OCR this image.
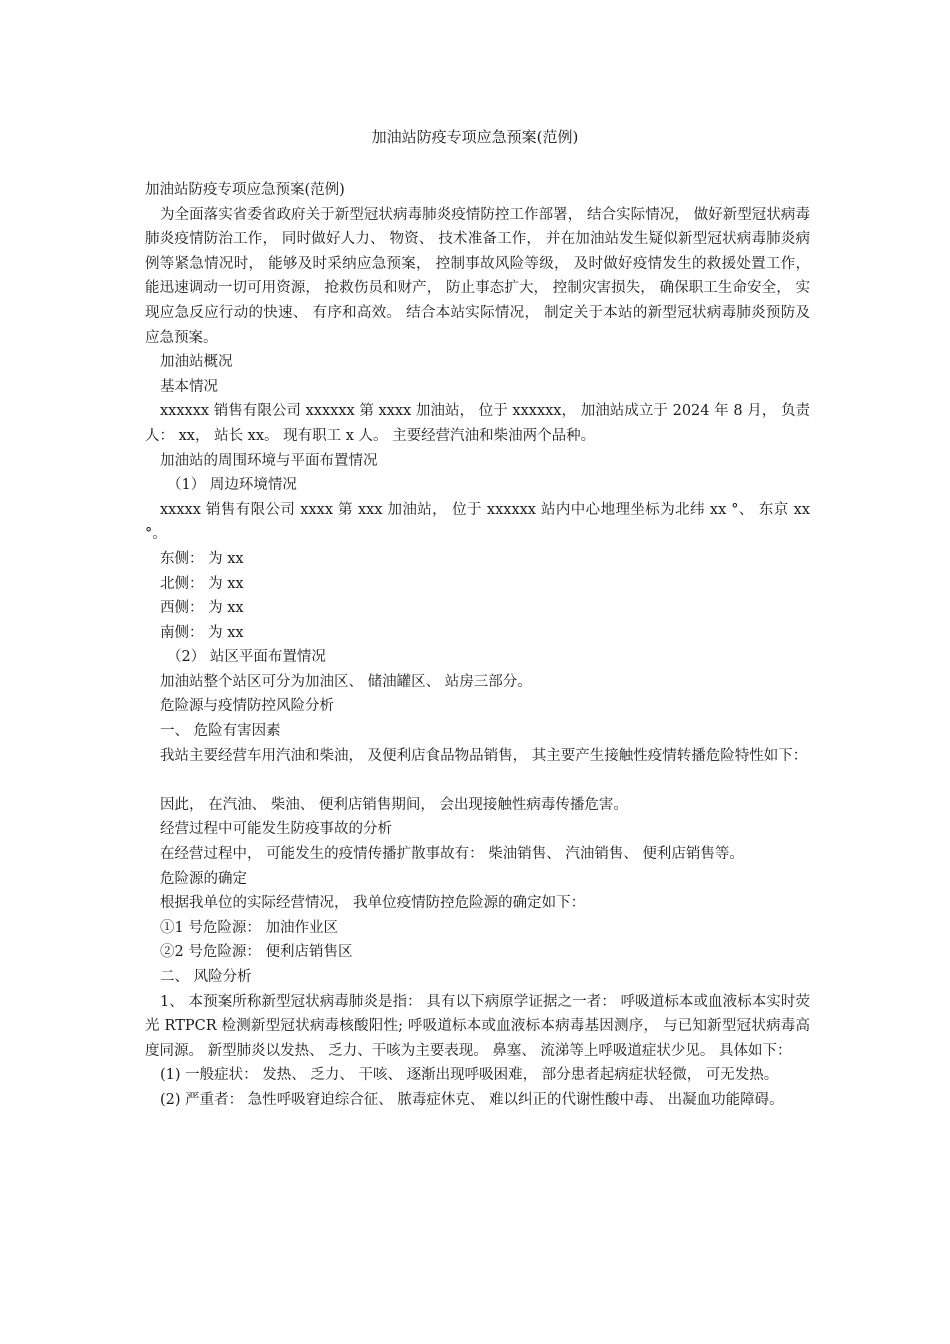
加油站防疫专项应急预案(范例)

加油站防疫专项应急预案(范例)

为全面落实省委省政府关于新型冠状病毒肺炎疫情防控工作部署， 结合实际情况， 做好新型冠状病毒肺炎疫情防治工作， 同时做好人力、 物资、 技术准备工作， 并在加油站发生疑似新型冠状病毒肺炎病例等紧急情况时， 能够及时采纳应急预案， 控制事故风险等级， 及时做好疫情发生的救援处置工作， 能迅速调动一切可用资源， 抢救伤员和财产， 防止事态扩大， 控制灾害损失， 确保职工生命安全， 实现应急反应行动的快速、 有序和高效。 结合本站实际情况， 制定关于本站的新型冠状病毒肺炎预防及应急预案。

加油站概况

基本情况

xxxxxx 销售有限公司 xxxxxx 第 xxxx 加油站， 位于 xxxxxx， 加油站成立于 2024 年 8 月， 负责人： xx， 站长 xx。 现有职工 x 人。 主要经营汽油和柴油两个品种。

加油站的周围环境与平面布置情况

（1） 周边环境情况

xxxxx 销售有限公司 xxxx 第 xxx 加油站， 位于 xxxxxx 站内中心地理坐标为北纬 xx °、 东京 xx °。

东侧： 为 xx

北侧： 为 xx

西侧： 为 xx

南侧： 为 xx

（2） 站区平面布置情况

加油站整个站区可分为加油区、 储油罐区、 站房三部分。

危险源与疫情防控风险分析

一、 危险有害因素

我站主要经营车用汽油和柴油， 及便利店食品物品销售， 其主要产生接触性疫情转播危险特性如下：

因此， 在汽油、 柴油、 便利店销售期间， 会出现接触性病毒传播危害。

经营过程中可能发生防疫事故的分析

在经营过程中， 可能发生的疫情传播扩散事故有： 柴油销售、 汽油销售、 便利店销售等。

危险源的确定

根据我单位的实际经营情况， 我单位疫情防控危险源的确定如下：

①1 号危险源： 加油作业区

②2 号危险源： 便利店销售区

二、 风险分析

1、 本预案所称新型冠状病毒肺炎是指： 具有以下病原学证据之一者： 呼吸道标本或血液标本实时荧光 RTPCR 检测新型冠状病毒核酸阳性; 呼吸道标本或血液标本病毒基因测序， 与已知新型冠状病毒高度同源。 新型肺炎以发热、 乏力、干咳为主要表现。 鼻塞、 流涕等上呼吸道症状少见。 具体如下：

(1) 一般症状： 发热、 乏力、 干咳、 逐渐出现呼吸困难， 部分患者起病症状轻微， 可无发热。

(2) 严重者： 急性呼吸窘迫综合征、 脓毒症休克、 难以纠正的代谢性酸中毒、 出凝血功能障碍。
